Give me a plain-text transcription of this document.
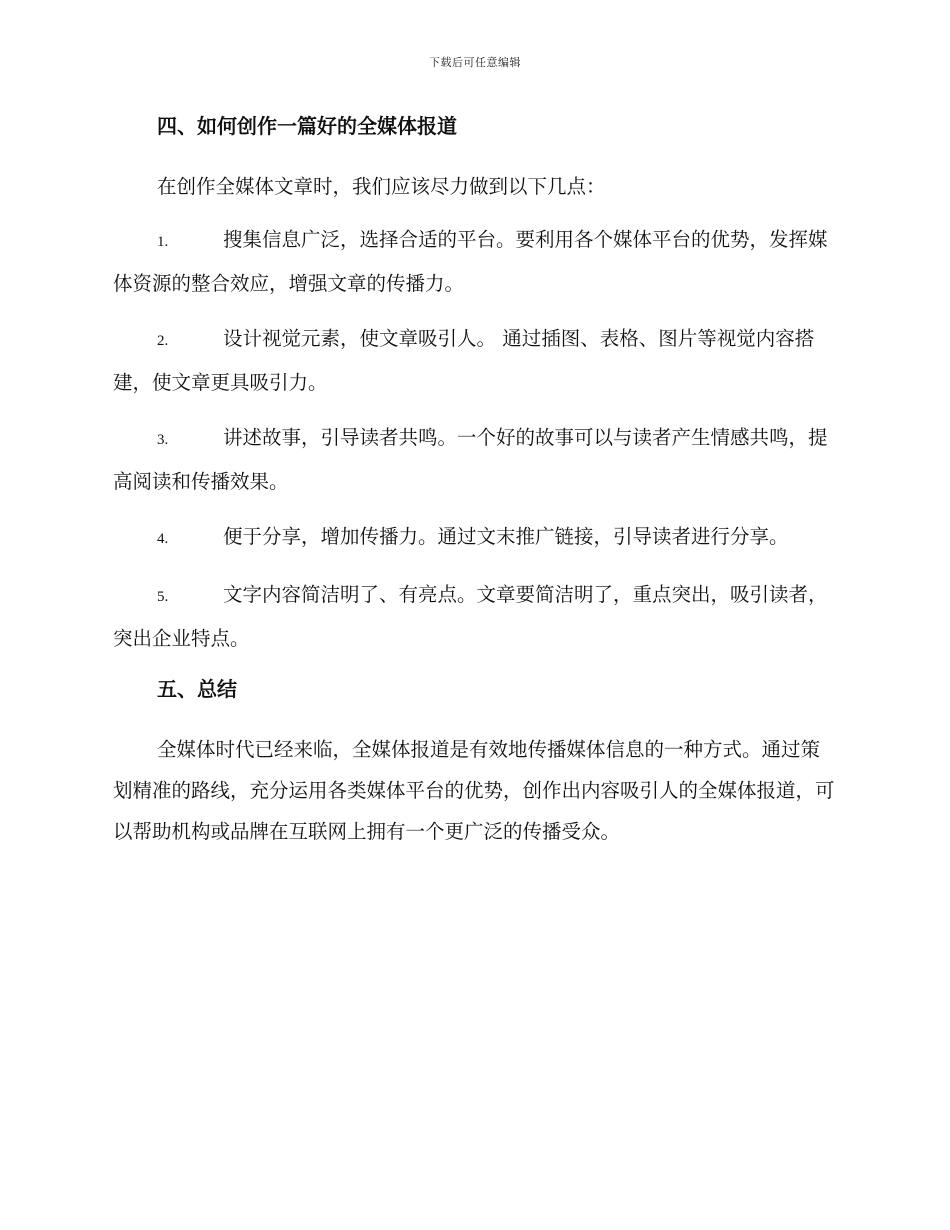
下载后可任意编辑
四、如何创作一篇好的全媒体报道

在创作全媒体文章时，我们应该尽力做到以下几点：

1.	搜集信息广泛，选择合适的平台。要利用各个媒体平台的优势，发挥媒体资源的整合效应，增强文章的传播力。

2.	设计视觉元素，使文章吸引人。 通过插图、表格、图片等视觉内容搭建，使文章更具吸引力。

3.	讲述故事，引导读者共鸣。一个好的故事可以与读者产生情感共鸣，提高阅读和传播效果。

4.	便于分享，增加传播力。通过文末推广链接，引导读者进行分享。

5.	文字内容简洁明了、有亮点。文章要简洁明了，重点突出，吸引读者，突出企业特点。

五、总结

全媒体时代已经来临，全媒体报道是有效地传播媒体信息的一种方式。通过策划精准的路线，充分运用各类媒体平台的优势，创作出内容吸引人的全媒体报道，可以帮助机构或品牌在互联网上拥有一个更广泛的传播受众。
